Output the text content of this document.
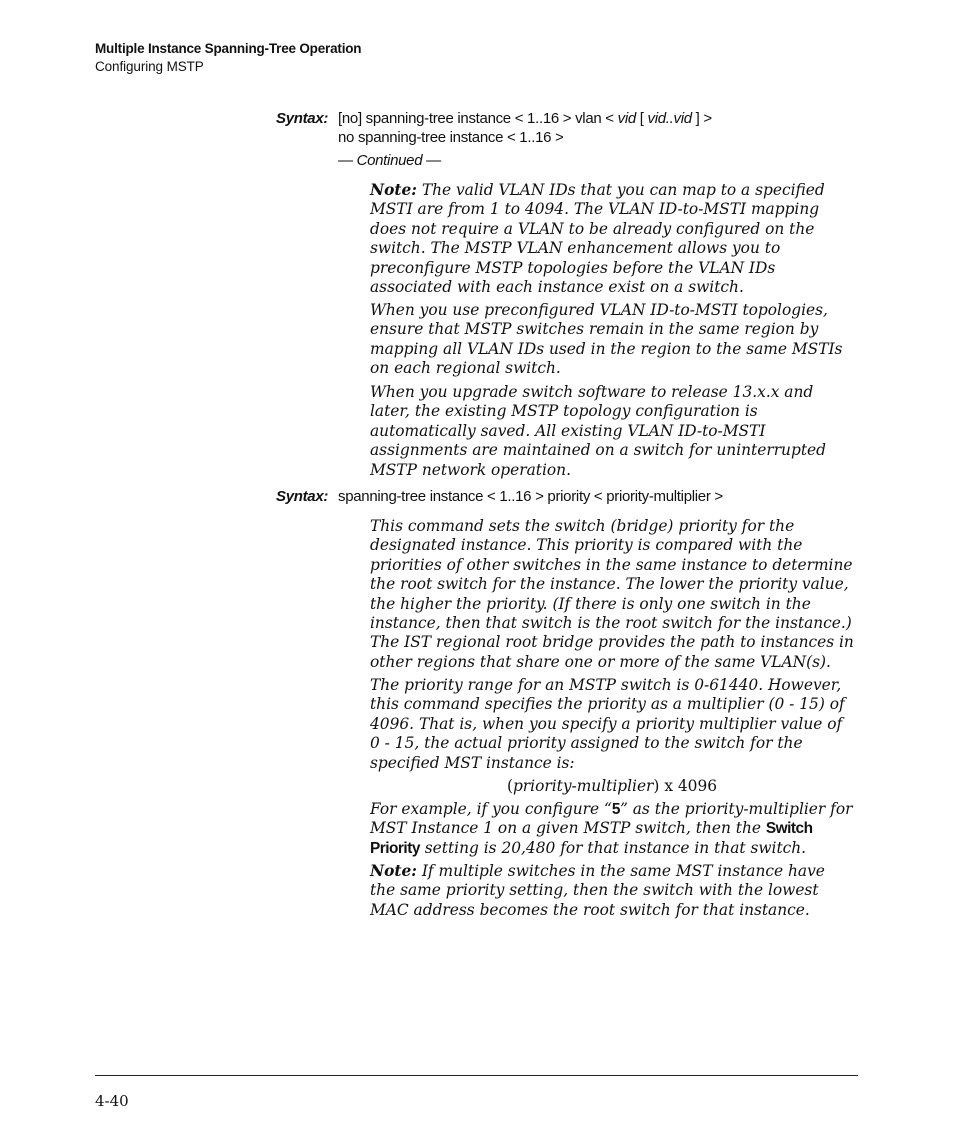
Multiple Instance Spanning-Tree Operation
Configuring MSTP
Syntax: [no] spanning-tree instance < 1..16 > vlan < vid [ vid..vid ] >
no spanning-tree instance < 1..16 >
— Continued —
Note: The valid VLAN IDs that you can map to a specified MSTI are from 1 to 4094. The VLAN ID-to-MSTI mapping does not require a VLAN to be already configured on the switch. The MSTP VLAN enhancement allows you to preconfigure MSTP topologies before the VLAN IDs associated with each instance exist on a switch.
When you use preconfigured VLAN ID-to-MSTI topologies, ensure that MSTP switches remain in the same region by mapping all VLAN IDs used in the region to the same MSTIs on each regional switch.
When you upgrade switch software to release 13.x.x and later, the existing MSTP topology configuration is automatically saved. All existing VLAN ID-to-MSTI assignments are maintained on a switch for uninterrupted MSTP network operation.
Syntax: spanning-tree instance < 1..16 > priority < priority-multiplier >
This command sets the switch (bridge) priority for the designated instance. This priority is compared with the priorities of other switches in the same instance to determine the root switch for the instance. The lower the priority value, the higher the priority. (If there is only one switch in the instance, then that switch is the root switch for the instance.) The IST regional root bridge provides the path to instances in other regions that share one or more of the same VLAN(s).
The priority range for an MSTP switch is 0-61440. However, this command specifies the priority as a multiplier (0 - 15) of 4096. That is, when you specify a priority multiplier value of 0 - 15, the actual priority assigned to the switch for the specified MST instance is:
(priority-multiplier) x 4096
For example, if you configure “5” as the priority-multiplier for MST Instance 1 on a given MSTP switch, then the Switch Priority setting is 20,480 for that instance in that switch.
Note: If multiple switches in the same MST instance have the same priority setting, then the switch with the lowest MAC address becomes the root switch for that instance.
4-40
